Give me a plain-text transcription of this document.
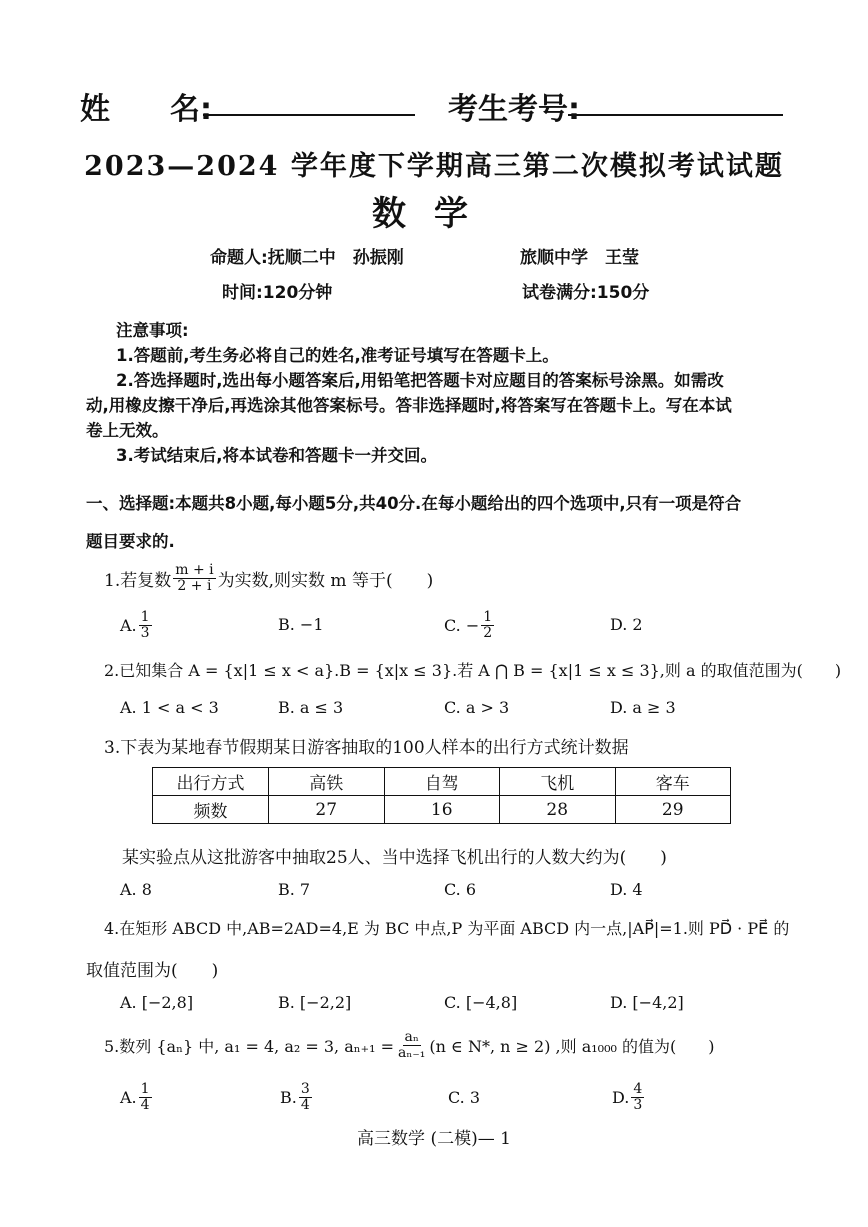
姓　　名:	考生考号:
2023—2024 学年度下学期高三第二次模拟考试试题
数学
命题人:抚顺二中　孙振刚	旅顺中学　王莹
时间:120分钟	试卷满分:150分
注意事项:
1.答题前,考生务必将自己的姓名,准考证号填写在答题卡上。
2.答选择题时,选出每小题答案后,用铅笔把答题卡对应题目的答案标号涂黑。如需改
动,用橡皮擦干净后,再选涂其他答案标号。答非选择题时,将答案写在答题卡上。写在本试
卷上无效。
3.考试结束后,将本试卷和答题卡一并交回。
一、选择题:本题共8小题,每小题5分,共40分.在每小题给出的四个选项中,只有一项是符合
题目要求的.
1.若复数 $\frac{m + i}{2 + i}$ 为实数,则实数 m 等于(　　)
A. $\frac{1}{3}$	B. −1	C. − $\frac{1}{2}$	D. 2
2.已知集合 A = {x|1 ≤ x < a}.B = {x|x ≤ 3}.若 A ⋂ B = {x|1 ≤ x ≤ 3},则 a 的取值范围为(　　)
A. 1 < a < 3	B. a ≤ 3	C. a > 3	D. a ≥ 3
3.下表为某地春节假期某日游客抽取的100人样本的出行方式统计数据
出行方式	高铁	自驾	飞机	客车
频数	27	16	28	29
某实验点从这批游客中抽取25人、当中选择飞机出行的人数大约为(　　)
A. 8	B. 7	C. 6	D. 4
4.在矩形 ABCD 中,AB=2AD=4,E 为 BC 中点,P 为平面 ABCD 内一点,|AP⃗|=1.则 PD⃗ · PE⃗ 的
取值范围为(　　)
A. [−2,8]	B. [−2,2]	C. [−4,8]	D. [−4,2]
5.数列 {aₙ} 中, a₁ = 4, a₂ = 3, $a_{n+1} = \frac{\text{aₙ}}{\text{aₙ₋₁}} (n$ ∈ N*, n ≥ 2) ,则 a₁₀₀₀ 的值为(　　)
A. $\frac{1}{4}$	B. $\frac{3}{4}$	C. 3	D. $\frac{4}{3}$
高三数学 (二模)— 1
